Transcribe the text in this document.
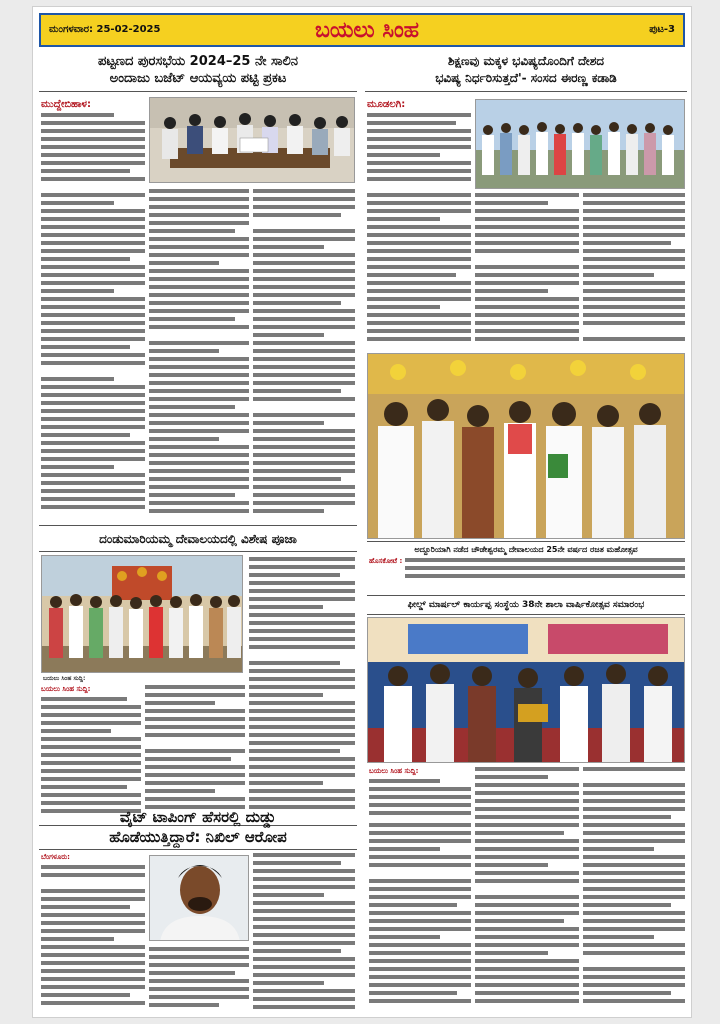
ಮಂಗಳವಾರ: 25-02-2025	ಬಯಲು ಸಿಂಹ	ಪುಟ-3
ಪಟ್ಟಣದ ಪುರಸಭೆಯ 2024–25 ನೇ ಸಾಲಿನ
ಅಂದಾಜು ಬಜೆಟ್ ಆಯವ್ಯಯ ಪಟ್ಟಿ ಪ್ರಕಟ
ಶಿಕ್ಷಣವು ಮಕ್ಕಳ ಭವಿಷ್ಯದೊಂದಿಗೆ ದೇಶದ
ಭವಿಷ್ಯ ನಿರ್ಧರಿಸುತ್ತದೆ'- ಸಂಸದ ಈರಣ್ಣ ಕಡಾಡಿ
ಮುದ್ದೇಬಿಹಾಳ:	ಮೂಡಲಗಿ:
ಅದ್ದೂರಿಯಾಗಿ ನಡೆದ ಚೌಡೇಶ್ವರಮ್ಮ ದೇವಾಲಯದ 25ನೇ ವರ್ಷದ ರಜತ ಮಹೋತ್ಸವ
ಹೊಸಕೋಟೆ :
ದಂಡುಮಾರಿಯಮ್ಮ ದೇವಾಲಯದಲ್ಲಿ ವಿಶೇಷ ಪೂಜಾ
ಬಯಲು ಸಿಂಹ ಸುದ್ದಿ:
ಬಯಲು ಸಿಂಹ ಸುದ್ದಿ:
ಫೀಲ್ಡ್ ಮಾರ್ಷಲ್ ಕಾರ್ಯಪ್ಪ ಸಂಸ್ಥೆಯ 38ನೇ ಶಾಲಾ ವಾರ್ಷಿಕೋತ್ಸವ ಸಮಾರಂಭ
ಬಯಲು ಸಿಂಹ ಸುದ್ದಿ:
ವೈಟ್ ಟಾಪಿಂಗ್ ಹೆಸರಲ್ಲಿ ದುಡ್ಡು
ಹೊಡೆಯುತ್ತಿದ್ದಾರೆ: ನಿಖಿಲ್ ಆರೋಪ
ಬೆಂಗಳೂರು:
